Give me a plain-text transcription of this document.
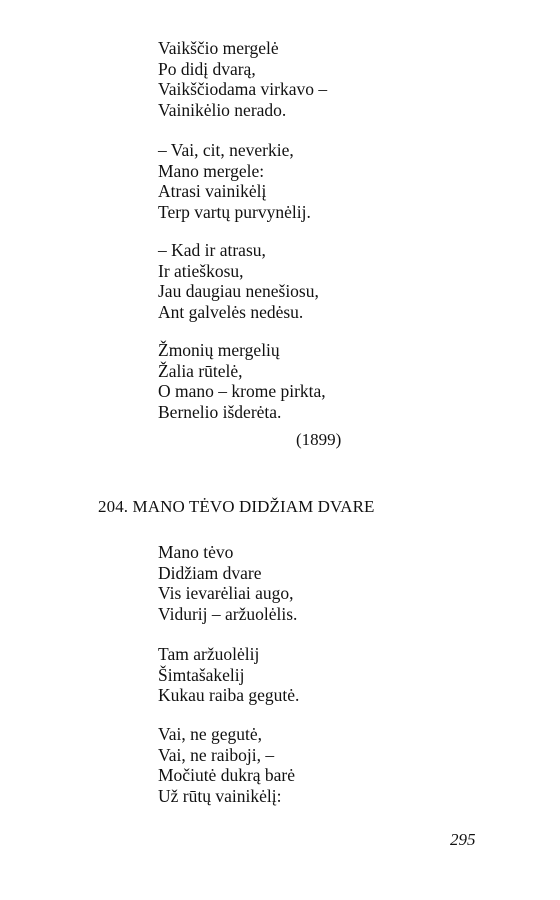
Vaikščio mergelė
Po didį dvarą,
Vaikščiodama virkavo –
Vainikėlio nerado.
– Vai, cit, neverkie,
Mano mergele:
Atrasi vainikėlį
Terp vartų purvynėlij.
– Kad ir atrasu,
Ir atieškosu,
Jau daugiau nenešiosu,
Ant galvelės nedėsu.
Žmonių mergelių
Žalia rūtelė,
O mano – krome pirkta,
Bernelio išderėta.
(1899)
204. MANO TĖVO DIDŽIAM DVARE
Mano tėvo
Didžiam dvare
Vis ievarėliai augo,
Vidurij – aržuolėlis.
Tam aržuolėlij
Šimtašakelij
Kukau raiba gegutė.
Vai, ne gegutė,
Vai, ne raiboji, –
Močiutė dukrą barė
Už rūtų vainikėlį:
295
